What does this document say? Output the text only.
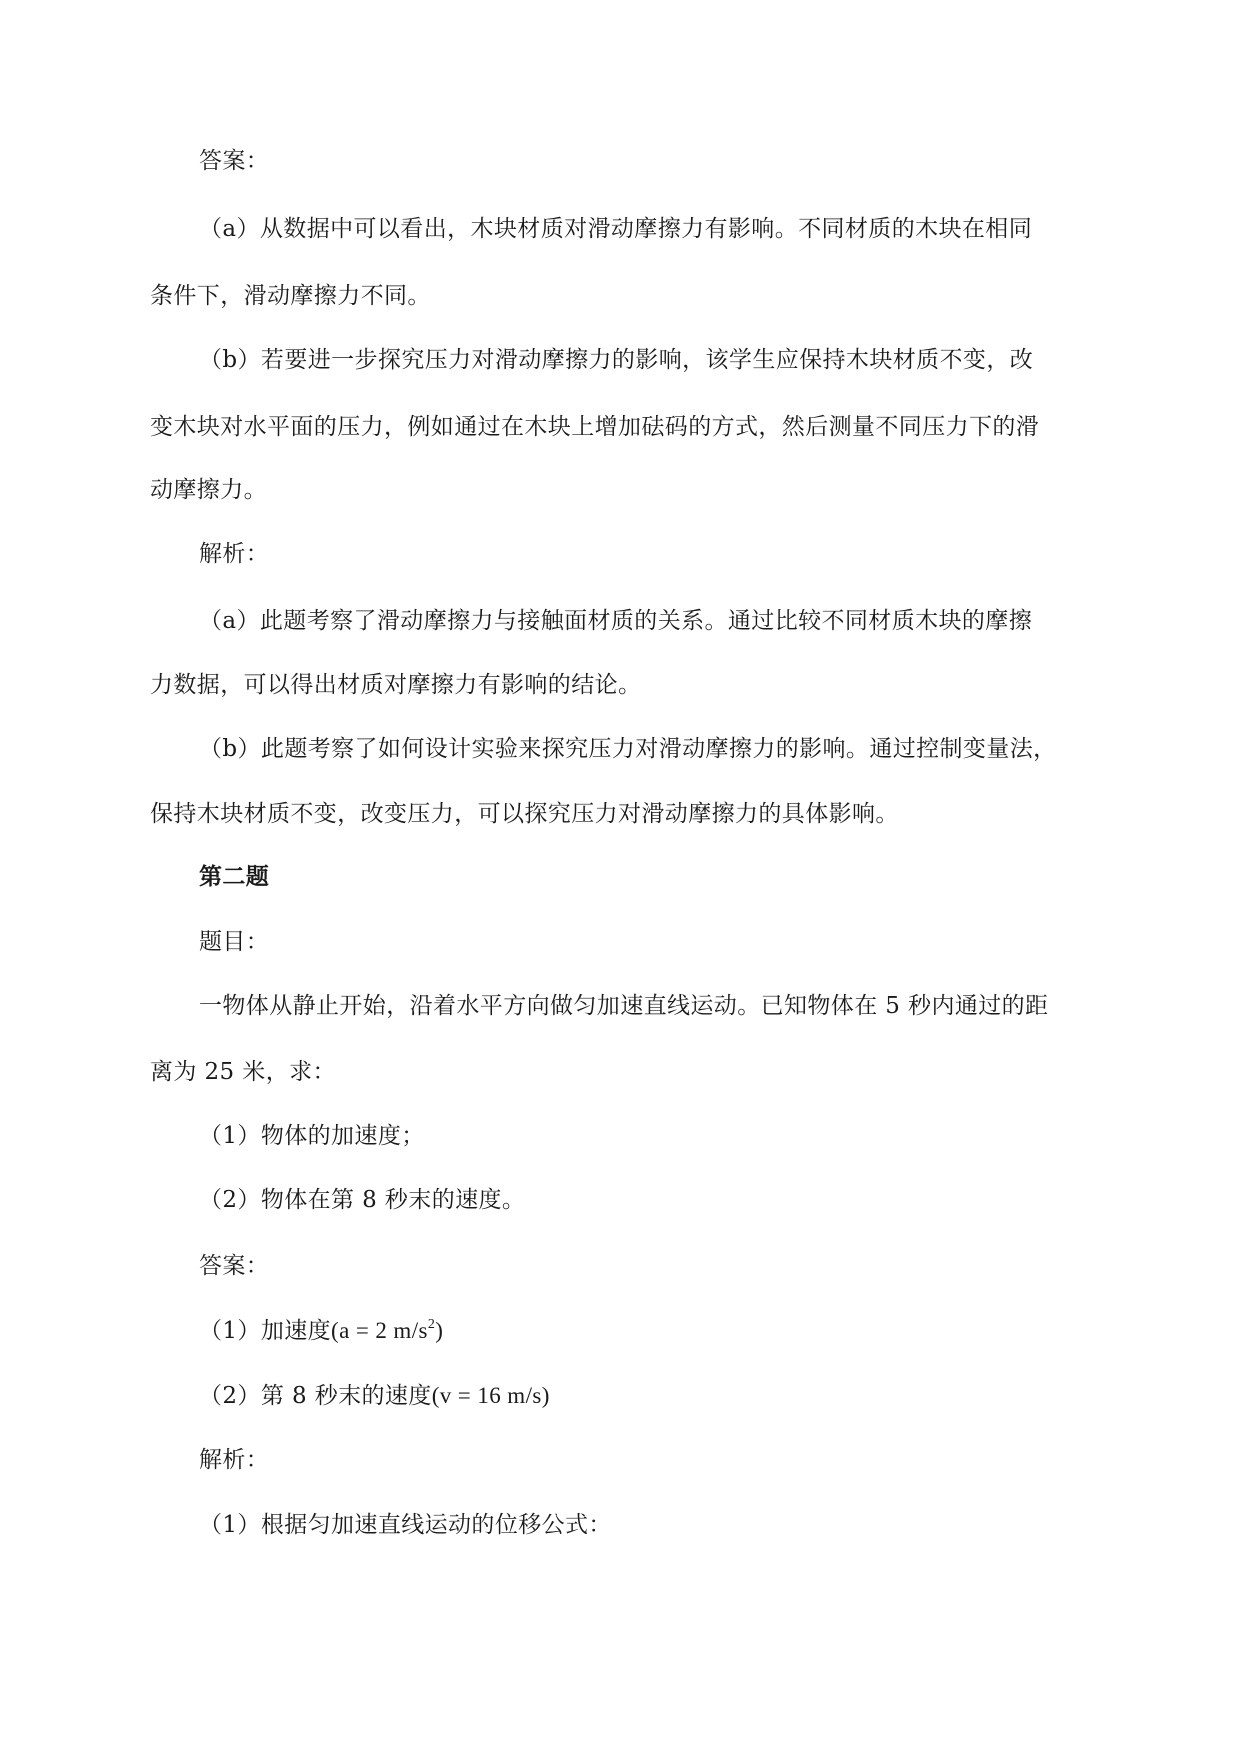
答案：
（a）从数据中可以看出，木块材质对滑动摩擦力有影响。不同材质的木块在相同
条件下，滑动摩擦力不同。
（b）若要进一步探究压力对滑动摩擦力的影响，该学生应保持木块材质不变，改
变木块对水平面的压力，例如通过在木块上增加砝码的方式，然后测量不同压力下的滑
动摩擦力。
解析：
（a）此题考察了滑动摩擦力与接触面材质的关系。通过比较不同材质木块的摩擦
力数据，可以得出材质对摩擦力有影响的结论。
（b）此题考察了如何设计实验来探究压力对滑动摩擦力的影响。通过控制变量法，
保持木块材质不变，改变压力，可以探究压力对滑动摩擦力的具体影响。
第二题
题目：
一物体从静止开始，沿着水平方向做匀加速直线运动。已知物体在 5 秒内通过的距
离为 25 米，求：
（1）物体的加速度；
（2）物体在第 8 秒末的速度。
答案：
（1）加速度(a = 2 $m/s^2$)
（2）第 8 秒末的速度(v = 16 m/s)
解析：
（1）根据匀加速直线运动的位移公式：
